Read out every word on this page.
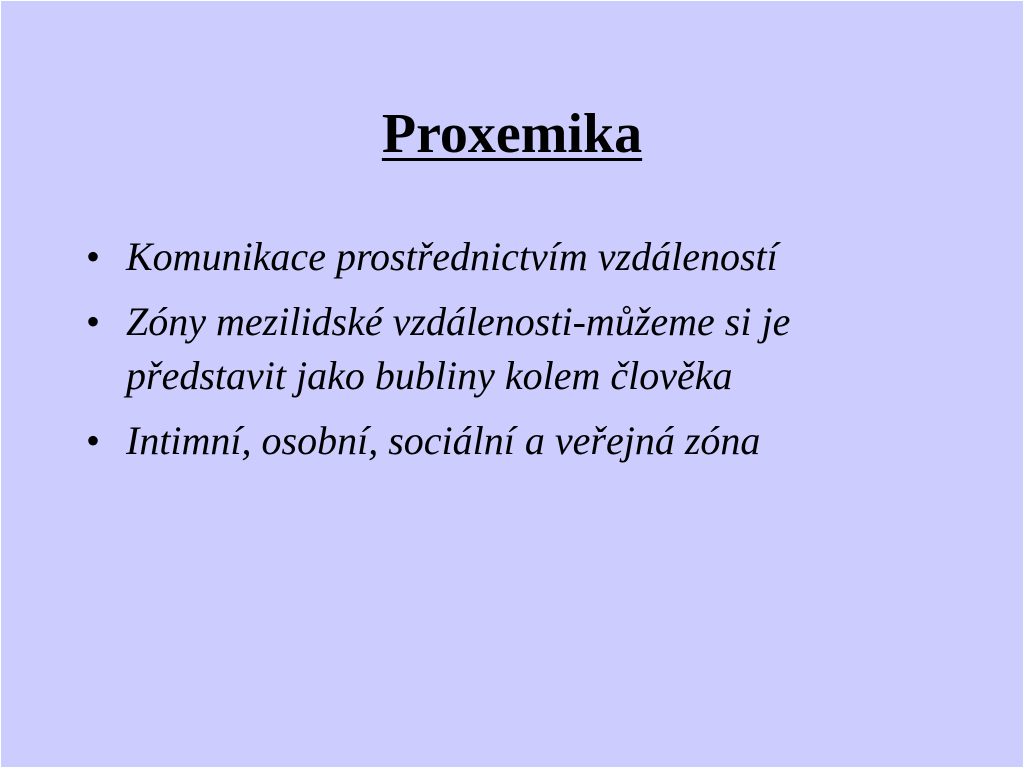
Proxemika
• Komunikace prostřednictvím vzdáleností
• Zóny mezilidské vzdálenosti-můžeme si je představit jako bubliny kolem člověka
• Intimní, osobní, sociální a veřejná zóna
